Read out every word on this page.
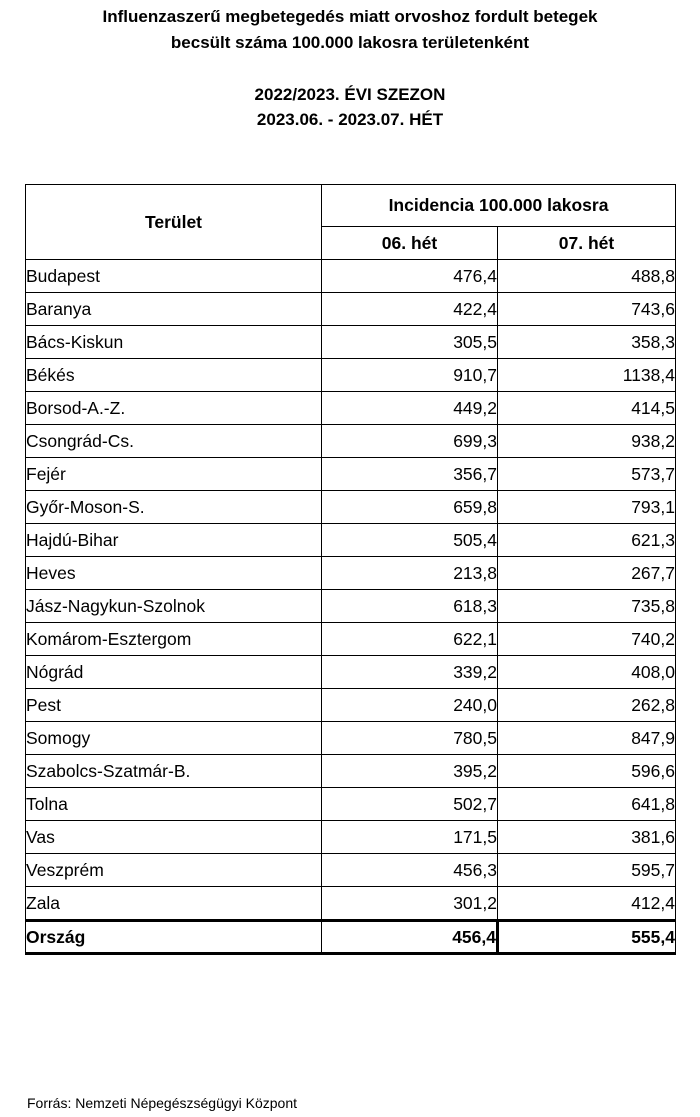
Influenzaszerű megbetegedés miatt orvoshoz fordult betegek
becsült száma 100.000 lakosra területenként
2022/2023. ÉVI SZEZON
2023.06. - 2023.07. HÉT
Terület	Incidencia 100.000 lakosra	
	06. hét	07. hét
Budapest	476,4	488,8
Baranya	422,4	743,6
Bács-Kiskun	305,5	358,3
Békés	910,7	1138,4
Borsod-A.-Z.	449,2	414,5
Csongrád-Cs.	699,3	938,2
Fejér	356,7	573,7
Győr-Moson-S.	659,8	793,1
Hajdú-Bihar	505,4	621,3
Heves	213,8	267,7
Jász-Nagykun-Szolnok	618,3	735,8
Komárom-Esztergom	622,1	740,2
Nógrád	339,2	408,0
Pest	240,0	262,8
Somogy	780,5	847,9
Szabolcs-Szatmár-B.	395,2	596,6
Tolna	502,7	641,8
Vas	171,5	381,6
Veszprém	456,3	595,7
Zala	301,2	412,4
Ország	456,4	555,4
Forrás: Nemzeti Népegészségügyi Központ
